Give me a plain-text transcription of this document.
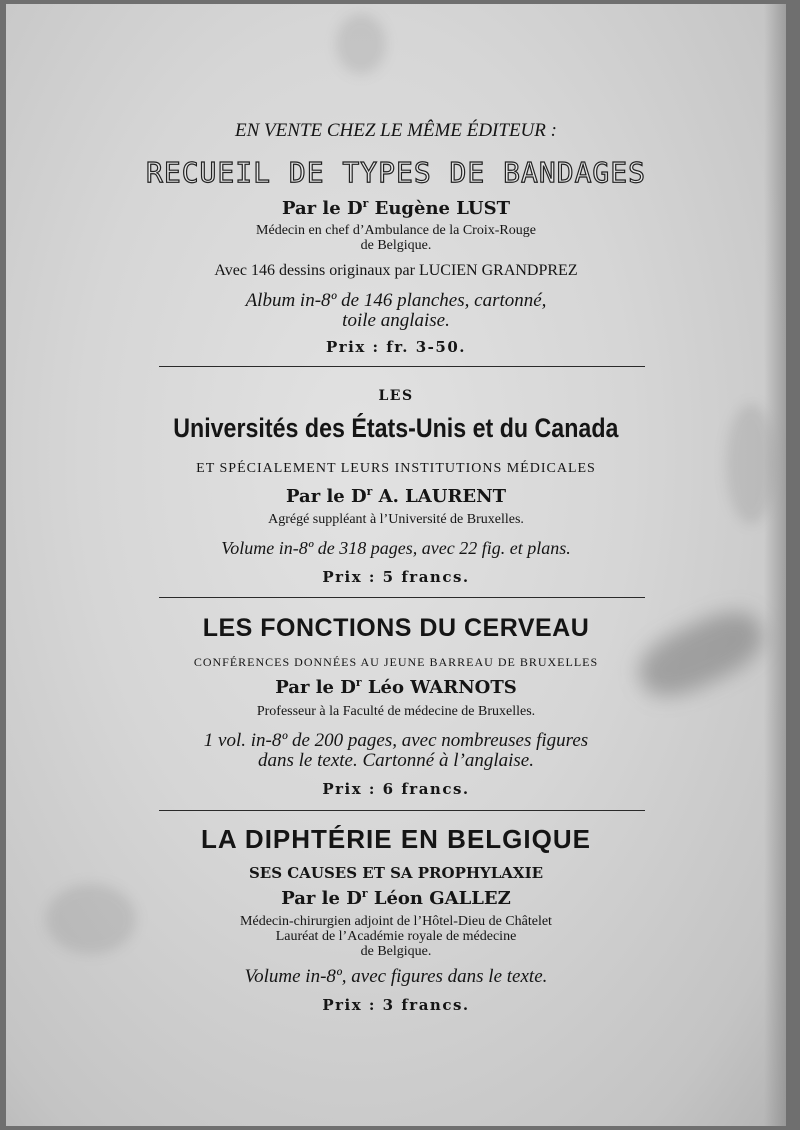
EN VENTE CHEZ LE MÊME ÉDITEUR :
RECUEIL DE TYPES DE BANDAGES
Par le $D^r$ Eugène LUST
Médecin en chef d’Ambulance de la Croix-Rouge
de Belgique.
Avec 146 dessins originaux par LUCIEN GRANDPREZ
Album in-8º de 146 planches, cartonné,
toile anglaise.
Prix : fr. 3-50.
LES
Universités des États-Unis et du Canada
ET SPÉCIALEMENT LEURS INSTITUTIONS MÉDICALES
Par le $D^r$ A. LAURENT
Agrégé suppléant à l’Université de Bruxelles.
Volume in-8º de 318 pages, avec 22 fig. et plans.
Prix : 5 francs.
LES FONCTIONS DU CERVEAU
CONFÉRENCES DONNÉES AU JEUNE BARREAU DE BRUXELLES
Par le $D^r$ Léo WARNOTS
Professeur à la Faculté de médecine de Bruxelles.
1 vol. in-8º de 200 pages, avec nombreuses figures
dans le texte. Cartonné à l’anglaise.
Prix : 6 francs.
LA DIPHTÉRIE EN BELGIQUE
SES CAUSES ET SA PROPHYLAXIE
Par le $D^r$ Léon GALLEZ
Médecin-chirurgien adjoint de l’Hôtel-Dieu de Châtelet
Lauréat de l’Académie royale de médecine
de Belgique.
Volume in-8º, avec figures dans le texte.
Prix : 3 francs.
